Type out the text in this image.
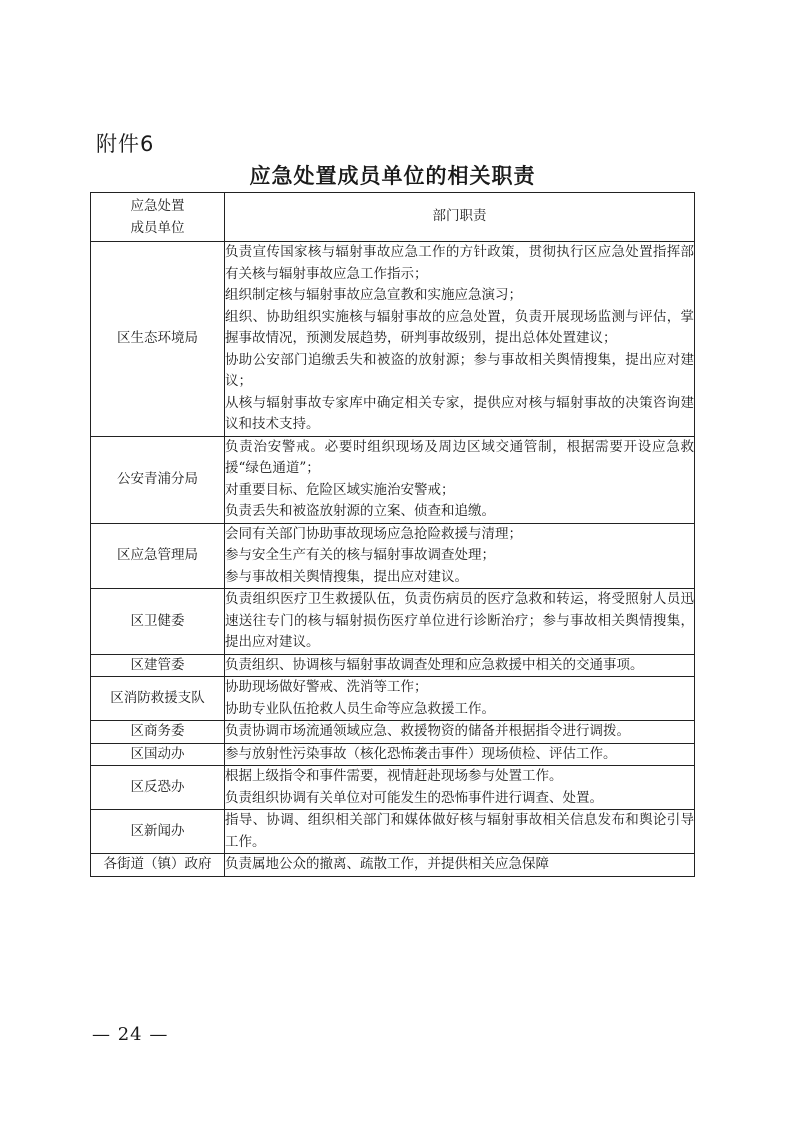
附件6
应急处置成员单位的相关职责
应急处置
成员单位	部门职责
区生态环境局	负责宣传国家核与辐射事故应急工作的方针政策，贯彻执行区应急处置指挥部有关核与辐射事故应急工作指示；
组织制定核与辐射事故应急宣教和实施应急演习；
组织、协助组织实施核与辐射事故的应急处置，负责开展现场监测与评估，掌握事故情况，预测发展趋势，研判事故级别，提出总体处置建议；
协助公安部门追缴丢失和被盗的放射源；参与事故相关舆情搜集，提出应对建议；
从核与辐射事故专家库中确定相关专家，提供应对核与辐射事故的决策咨询建议和技术支持。

公安青浦分局	负责治安警戒。必要时组织现场及周边区域交通管制，根据需要开设应急救援“绿色通道”；
对重要目标、危险区域实施治安警戒；
负责丢失和被盗放射源的立案、侦查和追缴。

区应急管理局	会同有关部门协助事故现场应急抢险救援与清理；
参与安全生产有关的核与辐射事故调查处理；
参与事故相关舆情搜集，提出应对建议。

区卫健委	负责组织医疗卫生救援队伍，负责伤病员的医疗急救和转运，将受照射人员迅速送往专门的核与辐射损伤医疗单位进行诊断治疗；参与事故相关舆情搜集，提出应对建议。

区建管委	负责组织、协调核与辐射事故调查处理和应急救援中相关的交通事项。

区消防救援支队	协助现场做好警戒、洗消等工作；
协助专业队伍抢救人员生命等应急救援工作。

区商务委	负责协调市场流通领域应急、救援物资的储备并根据指令进行调拨。

区国动办	参与放射性污染事故（核化恐怖袭击事件）现场侦检、评估工作。

区反恐办	根据上级指令和事件需要，视情赶赴现场参与处置工作。
负责组织协调有关单位对可能发生的恐怖事件进行调查、处置。

区新闻办	指导、协调、组织相关部门和媒体做好核与辐射事故相关信息发布和舆论引导工作。

各街道（镇）政府	负责属地公众的撤离、疏散工作，并提供相关应急保障
— 24 —
